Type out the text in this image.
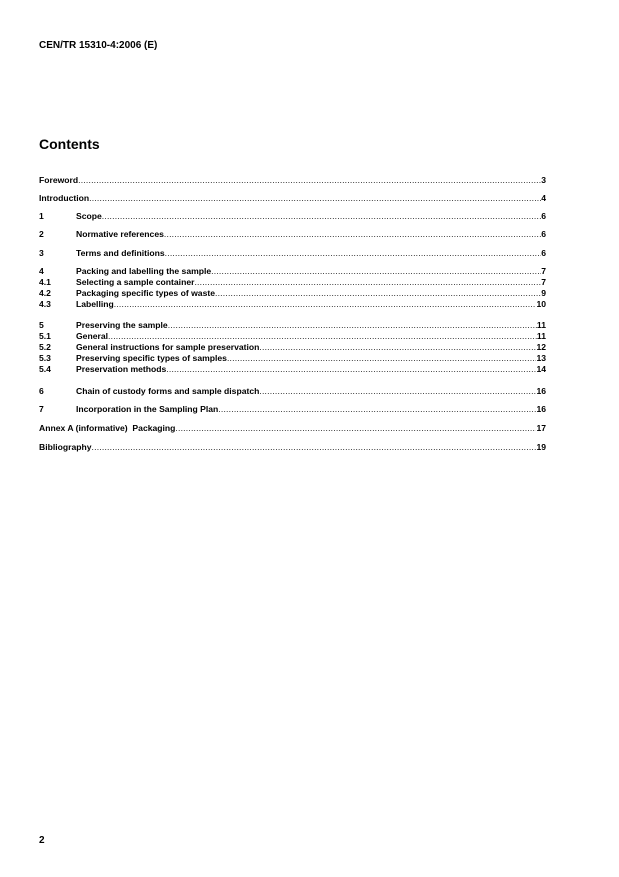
CEN/TR 15310-4:2006 (E)
Contents
Foreword .....	3
Introduction .....	4
1	Scope .....	6
2	Normative references .....	6
3	Terms and definitions .....	6
4	Packing and labelling the sample .....	7
4.1	Selecting a sample container .....	7
4.2	Packaging specific types of waste .....	9
4.3	Labelling .....	10
5	Preserving the sample .....	11
5.1	General .....	11
5.2	General instructions for sample preservation .....	12
5.3	Preserving specific types of samples .....	13
5.4	Preservation methods .....	14
6	Chain of custody forms and sample dispatch .....	16
7	Incorporation in the Sampling Plan .....	16
Annex A (informative)  Packaging .....	17
Bibliography .....	19
2
